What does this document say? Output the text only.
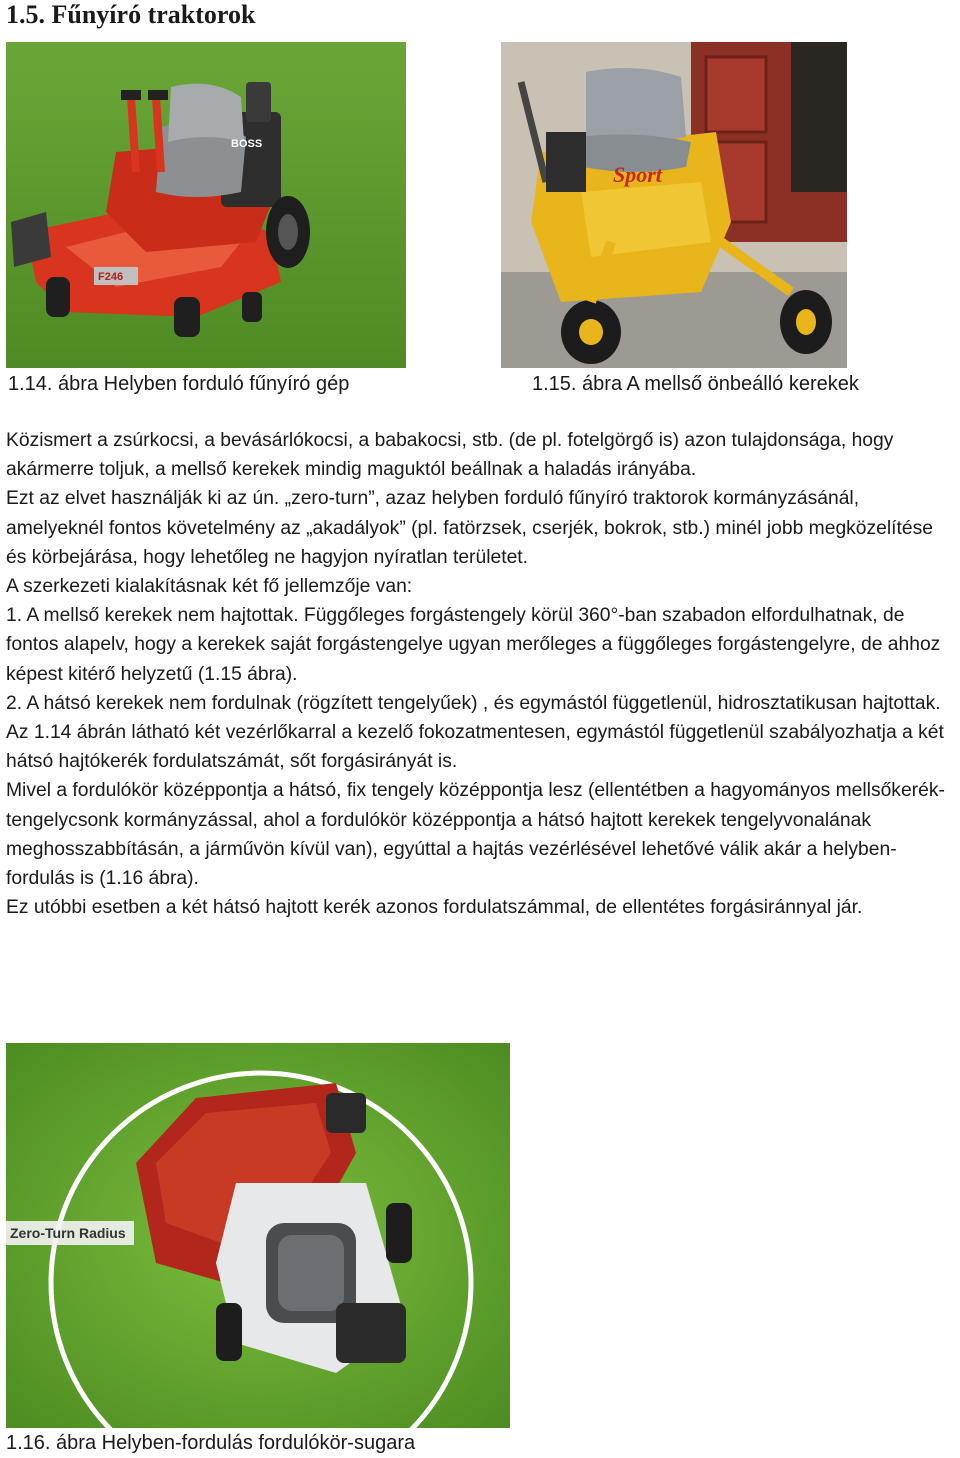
1.5. Fűnyíró traktorok
BOSS
F246
Sport
1.14. ábra Helyben forduló fűnyíró gép	1.15. ábra A mellső önbeálló kerekek

Közismert a zsúrkocsi, a bevásárlókocsi, a babakocsi, stb. (de pl. fotelgörgő is) azon tulajdonsága, hogy akármerre toljuk, a mellső kerekek mindig maguktól beállnak a haladás irányába.

Ezt az elvet használják ki az ún. „zero-turn”, azaz helyben forduló fűnyíró traktorok kormányzásánál, amelyeknél fontos követelmény az „akadályok” (pl. fatörzsek, cserjék, bokrok, stb.) minél jobb megközelítése és körbejárása, hogy lehetőleg ne hagyjon nyíratlan területet.

A szerkezeti kialakításnak két fő jellemzője van:

1. A mellső kerekek nem hajtottak. Függőleges forgástengely körül 360°-ban szabadon elfordulhatnak, de fontos alapelv, hogy a kerekek saját forgástengelye ugyan merőleges a függőleges forgástengelyre, de ahhoz képest kitérő helyzetű (1.15 ábra).

2. A hátsó kerekek nem fordulnak (rögzített tengelyűek) , és egymástól függetlenül, hidrosztatikusan hajtottak. Az 1.14 ábrán látható két vezérlőkarral a kezelő fokozatmentesen, egymástól függetlenül szabályozhatja a két hátsó hajtókerék fordulatszámát, sőt forgásirányát is.

Mivel a fordulókör középpontja a hátsó, fix tengely középpontja lesz (ellentétben a hagyományos mellsőkerék-tengelycsonk kormányzással, ahol a fordulókör középpontja a hátsó hajtott kerekek tengelyvonalának meghosszabbításán, a járművön kívül van), egyúttal a hajtás vezérlésével lehetővé válik akár a helyben-fordulás is (1.16 ábra).

Ez utóbbi esetben a két hátsó hajtott kerék azonos fordulatszámmal, de ellentétes forgásiránnyal jár.

Zero-Turn Radius
1.16. ábra Helyben-fordulás fordulókör-sugara
